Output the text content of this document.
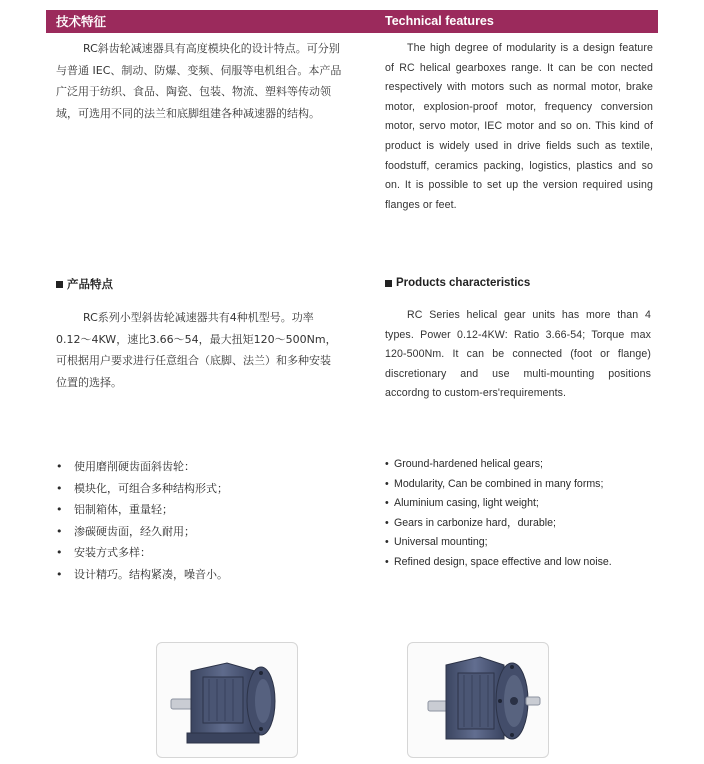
技术特征	Technical features

RC斜齿轮减速器具有高度模块化的设计特点。可分别与普通 IEC、制动、防爆、变频、伺服等电机组合。本产品广泛用于纺织、食品、陶瓷、包装、物流、塑料等传动领域，可选用不同的法兰和底脚组建各种减速器的结构。

The high degree of modularity is a design feature of RC helical gearboxes range. It can be con nected respectively with motors such as normal motor, brake motor, explosion-proof motor, frequency conversion motor, servo motor, IEC motor and so on. This kind of product is widely used in drive fields such as textile, foodstuff, ceramics packing, logistics, plastics and so on. It is possible to set up the version required using flanges or feet.

产品特点	Products characteristics

RC系列小型斜齿轮减速器共有4种机型号。功率0.12～4KW，速比3.66～54，最大扭矩120～500Nm，可根据用户要求进行任意组合（底脚、法兰）和多种安装位置的选择。

RC Series helical gear units has more than 4 types. Power 0.12-4KW: Ratio 3.66-54; Torque max 120-500Nm. It can be connected (foot or flange) discretionary and use multi-mounting positions accordng to custom-ers'requirements.

•	使用磨削硬齿面斜齿轮：
•	模块化，可组合多种结构形式；
•	铝制箱体，重量轻；
•	渗碳硬齿面，经久耐用；
•	安装方式多样：
•	设计精巧。结构紧凑，噪音小。
• Ground-hardened helical gears;
• Modularity, Can be combined in many forms;
• Aluminium casing, light weight;
• Gears in carbonize hard，durable;
• Universal mounting;
• Refined design, space effective and low noise.
